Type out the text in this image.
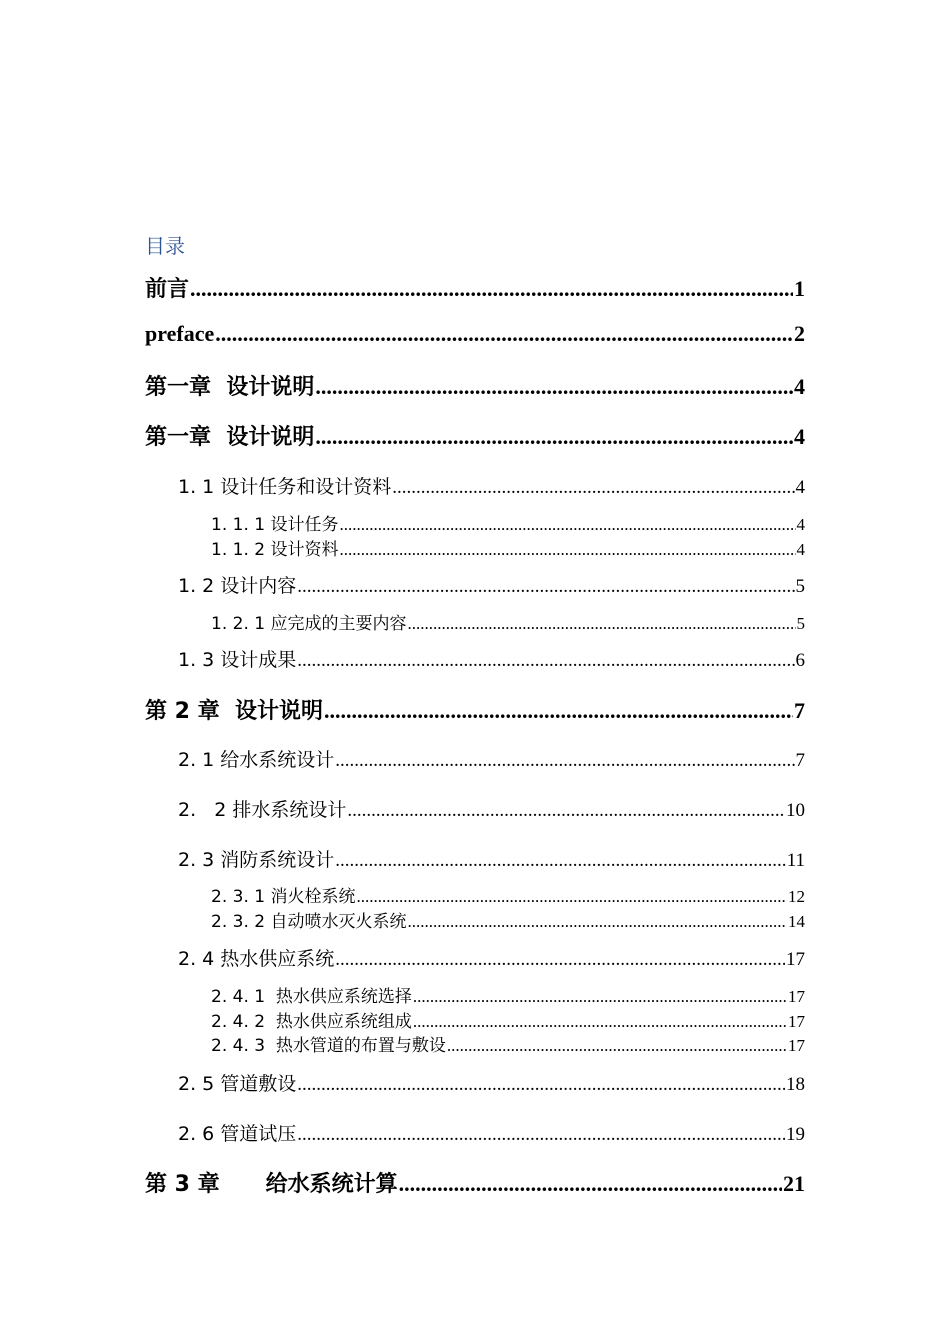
目录
前言 .....	1
preface .....	2
第一章  设计说明 .....	4
第一章  设计说明 .....	4
1. 1 设计任务和设计资料 .....	4
1. 1. 1 设计任务 .....	4
1. 1. 2 设计资料 .....	4
1. 2 设计内容 .....	5
1. 2. 1 应完成的主要内容 .....	5
1. 3 设计成果 .....	6
第 2 章  设计说明 .....	7
2. 1 给水系统设计 .....	7
2.   2 排水系统设计 .....	10
2. 3 消防系统设计 .....	11
2. 3. 1 消火栓系统 .....	12
2. 3. 2 自动喷水灭火系统 .....	14
2. 4 热水供应系统 .....	17
2. 4. 1  热水供应系统选择 .....	17
2. 4. 2  热水供应系统组成 .....	17
2. 4. 3  热水管道的布置与敷设 .....	17
2. 5 管道敷设 .....	18
2. 6 管道试压 .....	19
第 3 章      给水系统计算 .....	21
